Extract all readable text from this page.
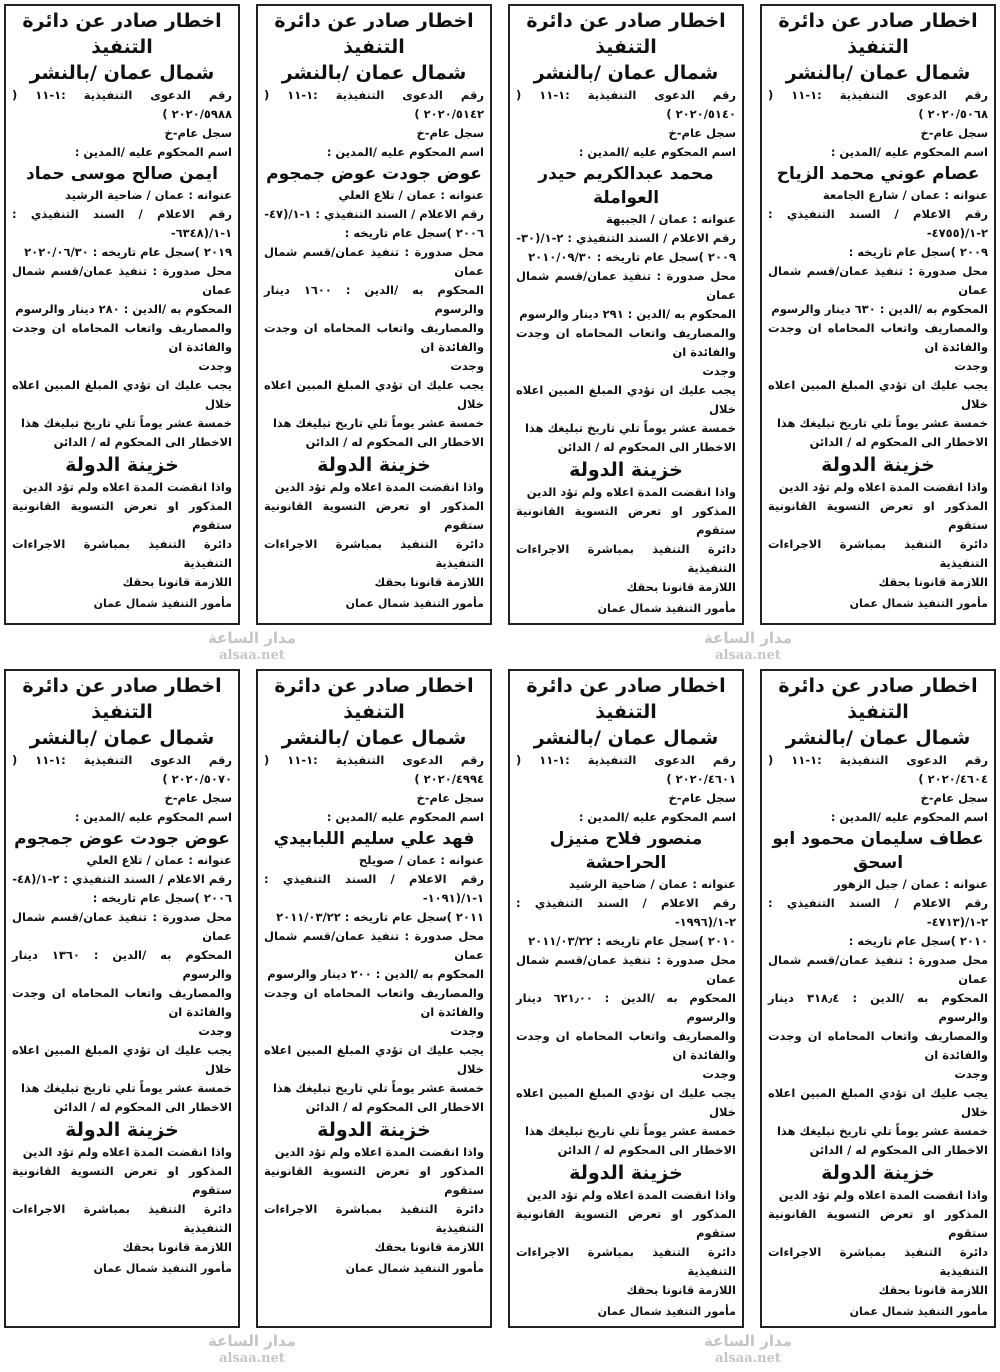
اخطار صادر عن دائرة التنفيذ
شمال عمان /بالنشر
رقم الدعوى التنفيذية :١-١١ ( ٢٠٢٠/٥٠٦٨ )
سجل عام-خ
اسم المحكوم عليه /المدين :
عصام عوني محمد الزياح
عنوانه : عمان / شارع الجامعة
رقم الاعلام / السند التنفيذي : ٢-١/(٤٧٥٥-
٢٠٠٩ )سجل عام تاريخه :
محل صدورة : تنفيذ عمان/قسم شمال عمان
المحكوم به /الدين : ٦٣٠ دينار والرسوم
والمصاريف واتعاب المحاماه ان وجدت والفائدة ان
وجدت
يجب عليك ان تؤدي المبلغ المبين اعلاه خلال
خمسة عشر يوماً تلي تاريخ تبليغك هذا
الاخطار الى المحكوم له / الدائن
خزينة الدولة
واذا انقضت المدة اعلاه ولم تؤد الدين
المذكور او تعرض التسوية القانونية ستقوم
دائرة التنفيذ بمباشرة الاجراءات التنفيذية
اللازمة قانونا بحقك
مأمور التنفيذ شمال عمان
اخطار صادر عن دائرة التنفيذ
شمال عمان /بالنشر
رقم الدعوى التنفيذية :١-١١ ( ٢٠٢٠/٥١٤٠ )
سجل عام-خ
اسم المحكوم عليه /المدين :
محمد عبدالكريم حيدر العواملة
عنوانه : عمان / الجبيهة
رقم الاعلام / السند التنفيذي : ٢-١/(٣٠-
٢٠٠٩ )سجل عام تاريخه : ٢٠١٠/٠٩/٣٠
محل صدورة : تنفيذ عمان/قسم شمال عمان
المحكوم به /الدين : ٢٩١ دينار والرسوم
والمصاريف واتعاب المحاماه ان وجدت والفائدة ان
وجدت
يجب عليك ان تؤدي المبلغ المبين اعلاه خلال
خمسة عشر يوماً تلي تاريخ تبليغك هذا
الاخطار الى المحكوم له / الدائن
خزينة الدولة
واذا انقضت المدة اعلاه ولم تؤد الدين
المذكور او تعرض التسوية القانونية ستقوم
دائرة التنفيذ بمباشرة الاجراءات التنفيذية
اللازمة قانونا بحقك
مأمور التنفيذ شمال عمان
اخطار صادر عن دائرة التنفيذ
شمال عمان /بالنشر
رقم الدعوى التنفيذية :١-١١ ( ٢٠٢٠/٥١٤٢ )
سجل عام-خ
اسم المحكوم عليه /المدين :
عوض جودت عوض جمجوم
عنوانه : عمان / تلاع العلي
رقم الاعلام / السند التنفيذي : ١-١/(٤٧-
٢٠٠٦ )سجل عام تاريخه :
محل صدورة : تنفيذ عمان/قسم شمال عمان
المحكوم به /الدين : ١٦٠٠ دينار والرسوم
والمصاريف واتعاب المحاماه ان وجدت والفائدة ان
وجدت
يجب عليك ان تؤدي المبلغ المبين اعلاه خلال
خمسة عشر يوماً تلي تاريخ تبليغك هذا
الاخطار الى المحكوم له / الدائن
خزينة الدولة
واذا انقضت المدة اعلاه ولم تؤد الدين
المذكور او تعرض التسوية القانونية ستقوم
دائرة التنفيذ بمباشرة الاجراءات التنفيذية
اللازمة قانونا بحقك
مأمور التنفيذ شمال عمان
اخطار صادر عن دائرة التنفيذ
شمال عمان /بالنشر
رقم الدعوى التنفيذية :١-١١ ( ٢٠٢٠/٥٩٨٨ )
سجل عام-خ
اسم المحكوم عليه /المدين :
ايمن صالح موسى حماد
عنوانه : عمان / ضاحية الرشيد
رقم الاعلام / السند التنفيذي : ١-١/(٦٣٤٨-
٢٠١٩ )سجل عام تاريخه : ٢٠٢٠/٠٦/٣٠
محل صدورة : تنفيذ عمان/قسم شمال عمان
المحكوم به /الدين : ٢٨٠ دينار والرسوم
والمصاريف واتعاب المحاماه ان وجدت والفائدة ان
وجدت
يجب عليك ان تؤدي المبلغ المبين اعلاه خلال
خمسة عشر يوماً تلي تاريخ تبليغك هذا
الاخطار الى المحكوم له / الدائن
خزينة الدولة
واذا انقضت المدة اعلاه ولم تؤد الدين
المذكور او تعرض التسوية القانونية ستقوم
دائرة التنفيذ بمباشرة الاجراءات التنفيذية
اللازمة قانونا بحقك
مأمور التنفيذ شمال عمان
مدار الساعة
alsaa.net
مدار الساعة
alsaa.net
اخطار صادر عن دائرة التنفيذ
شمال عمان /بالنشر
رقم الدعوى التنفيذية :١-١١ ( ٢٠٢٠/٤٦٠٤ )
سجل عام-خ
اسم المحكوم عليه /المدين :
عطاف سليمان محمود ابو اسحق
عنوانه : عمان / جبل الزهور
رقم الاعلام / السند التنفيذي : ٢-١/(٤٧١٣-
٢٠١٠ )سجل عام تاريخه :
محل صدورة : تنفيذ عمان/قسم شمال عمان
المحكوم به /الدين : ٣١٨٫٤ دينار والرسوم
والمصاريف واتعاب المحاماه ان وجدت والفائدة ان
وجدت
يجب عليك ان تؤدي المبلغ المبين اعلاه خلال
خمسة عشر يوماً تلي تاريخ تبليغك هذا
الاخطار الى المحكوم له / الدائن
خزينة الدولة
واذا انقضت المدة اعلاه ولم تؤد الدين
المذكور او تعرض التسوية القانونية ستقوم
دائرة التنفيذ بمباشرة الاجراءات التنفيذية
اللازمة قانونا بحقك
مأمور التنفيذ شمال عمان
اخطار صادر عن دائرة التنفيذ
شمال عمان /بالنشر
رقم الدعوى التنفيذية :١-١١ ( ٢٠٢٠/٤٦٠١ )
سجل عام-خ
اسم المحكوم عليه /المدين :
منصور فلاح منيزل الحراحشة
عنوانه : عمان / ضاحية الرشيد
رقم الاعلام / السند التنفيذي : ٢-١/(١٩٩٦-
٢٠١٠ )سجل عام تاريخه : ٢٠١١/٠٣/٢٢
محل صدورة : تنفيذ عمان/قسم شمال عمان
المحكوم به /الدين : ٦٢١٫٠٠ دينار والرسوم
والمصاريف واتعاب المحاماه ان وجدت والفائدة ان
وجدت
يجب عليك ان تؤدي المبلغ المبين اعلاه خلال
خمسة عشر يوماً تلي تاريخ تبليغك هذا
الاخطار الى المحكوم له / الدائن
خزينة الدولة
واذا انقضت المدة اعلاه ولم تؤد الدين
المذكور او تعرض التسوية القانونية ستقوم
دائرة التنفيذ بمباشرة الاجراءات التنفيذية
اللازمة قانونا بحقك
مأمور التنفيذ شمال عمان
اخطار صادر عن دائرة التنفيذ
شمال عمان /بالنشر
رقم الدعوى التنفيذية :١-١١ ( ٢٠٢٠/٤٩٩٤ )
سجل عام-خ
اسم المحكوم عليه /المدين :
فهد علي سليم اللبابيدي
عنوانه : عمان / صويلح
رقم الاعلام / السند التنفيذي : ١-١/(١٠٩١-
٢٠١١ )سجل عام تاريخه : ٢٠١١/٠٣/٢٢
محل صدورة : تنفيذ عمان/قسم شمال عمان
المحكوم به /الدين : ٢٠٠ دينار والرسوم
والمصاريف واتعاب المحاماه ان وجدت والفائدة ان
وجدت
يجب عليك ان تؤدي المبلغ المبين اعلاه خلال
خمسة عشر يوماً تلي تاريخ تبليغك هذا
الاخطار الى المحكوم له / الدائن
خزينة الدولة
واذا انقضت المدة اعلاه ولم تؤد الدين
المذكور او تعرض التسوية القانونية ستقوم
دائرة التنفيذ بمباشرة الاجراءات التنفيذية
اللازمة قانونا بحقك
مأمور التنفيذ شمال عمان
اخطار صادر عن دائرة التنفيذ
شمال عمان /بالنشر
رقم الدعوى التنفيذية :١-١١ ( ٢٠٢٠/٥٠٧٠ )
سجل عام-خ
اسم المحكوم عليه /المدين :
عوض جودت عوض جمجوم
عنوانه : عمان / تلاع العلي
رقم الاعلام / السند التنفيذي : ٢-١/(٤٨-
٢٠٠٦ )سجل عام تاريخه :
محل صدورة : تنفيذ عمان/قسم شمال عمان
المحكوم به /الدين : ١٣٦٠ دينار والرسوم
والمصاريف واتعاب المحاماه ان وجدت والفائدة ان
وجدت
يجب عليك ان تؤدي المبلغ المبين اعلاه خلال
خمسة عشر يوماً تلي تاريخ تبليغك هذا
الاخطار الى المحكوم له / الدائن
خزينة الدولة
واذا انقضت المدة اعلاه ولم تؤد الدين
المذكور او تعرض التسوية القانونية ستقوم
دائرة التنفيذ بمباشرة الاجراءات التنفيذية
اللازمة قانونا بحقك
مأمور التنفيذ شمال عمان
مدار الساعة
alsaa.net
مدار الساعة
alsaa.net
